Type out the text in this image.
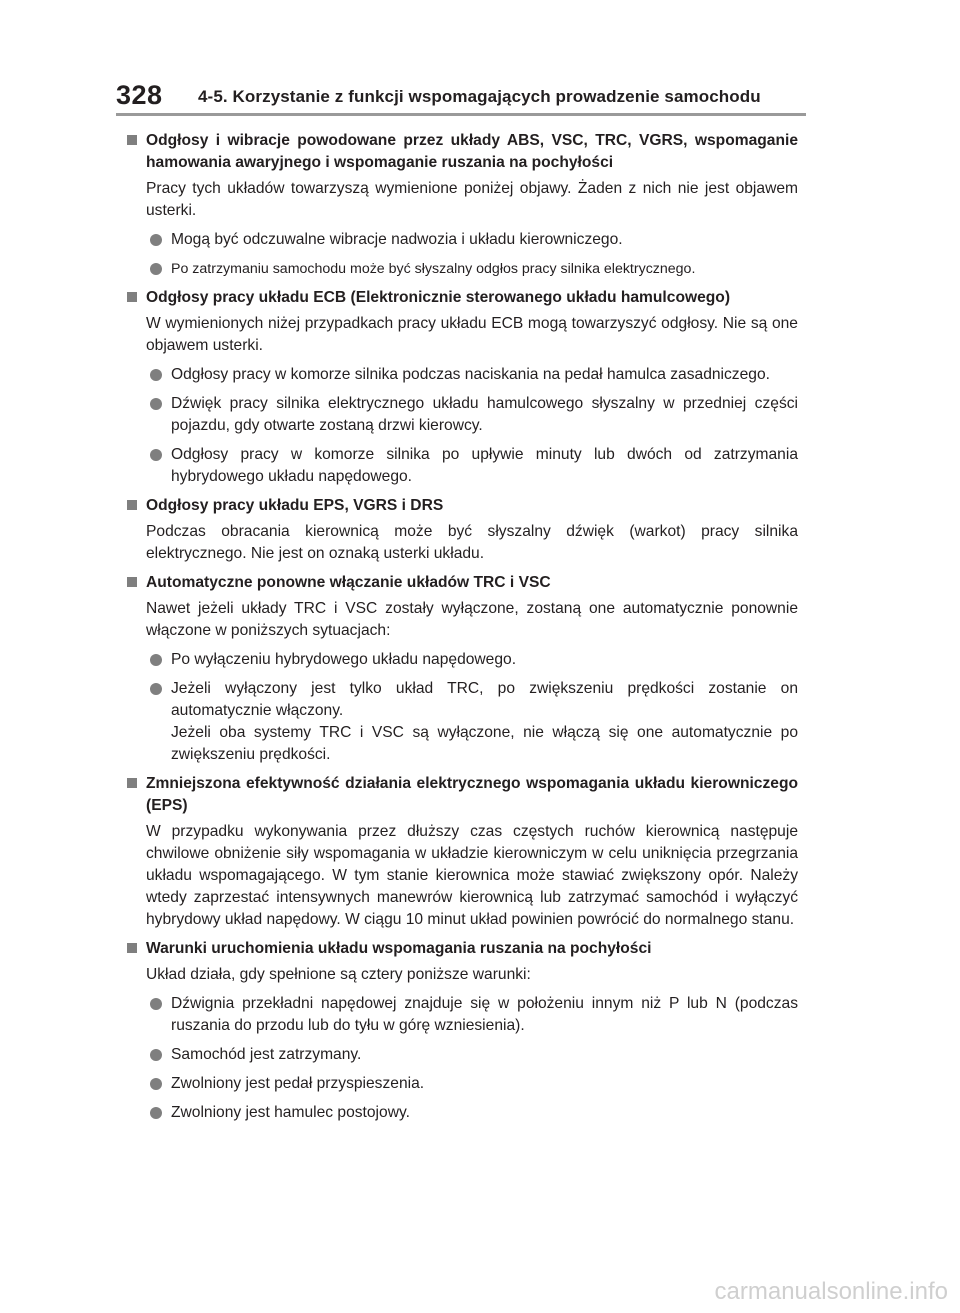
328 4-5. Korzystanie z funkcji wspomagających prowadzenie samochodu
Odgłosy i wibracje powodowane przez układy ABS, VSC, TRC, VGRS, wspomaganie hamowania awaryjnego i wspomaganie ruszania na pochyłości
Pracy tych układów towarzyszą wymienione poniżej objawy. Żaden z nich nie jest objawem usterki.
Mogą być odczuwalne wibracje nadwozia i układu kierowniczego.
Po zatrzymaniu samochodu może być słyszalny odgłos pracy silnika elektrycznego.
Odgłosy pracy układu ECB (Elektronicznie sterowanego układu hamulcowego)
W wymienionych niżej przypadkach pracy układu ECB mogą towarzyszyć odgłosy. Nie są one objawem usterki.
Odgłosy pracy w komorze silnika podczas naciskania na pedał hamulca zasadniczego.
Dźwięk pracy silnika elektrycznego układu hamulcowego słyszalny w przedniej części pojazdu, gdy otwarte zostaną drzwi kierowcy.
Odgłosy pracy w komorze silnika po upływie minuty lub dwóch od zatrzymania hybrydowego układu napędowego.
Odgłosy pracy układu EPS, VGRS i DRS
Podczas obracania kierownicą może być słyszalny dźwięk (warkot) pracy silnika elektrycznego. Nie jest on oznaką usterki układu.
Automatyczne ponowne włączanie układów TRC i VSC
Nawet jeżeli układy TRC i VSC zostały wyłączone, zostaną one automatycznie ponownie włączone w poniższych sytuacjach:
Po wyłączeniu hybrydowego układu napędowego.
Jeżeli wyłączony jest tylko układ TRC, po zwiększeniu prędkości zostanie on automatycznie włączony.
Jeżeli oba systemy TRC i VSC są wyłączone, nie włączą się one automatycznie po zwiększeniu prędkości.
Zmniejszona efektywność działania elektrycznego wspomagania układu kierowniczego (EPS)
W przypadku wykonywania przez dłuższy czas częstych ruchów kierownicą następuje chwilowe obniżenie siły wspomagania w układzie kierowniczym w celu uniknięcia przegrzania układu wspomagającego. W tym stanie kierownica może stawiać zwiększony opór. Należy wtedy zaprzestać intensywnych manewrów kierownicą lub zatrzymać samochód i wyłączyć hybrydowy układ napędowy. W ciągu 10 minut układ powinien powrócić do normalnego stanu.
Warunki uruchomienia układu wspomagania ruszania na pochyłości
Układ działa, gdy spełnione są cztery poniższe warunki:
Dźwignia przekładni napędowej znajduje się w położeniu innym niż P lub N (podczas ruszania do przodu lub do tyłu w górę wzniesienia).
Samochód jest zatrzymany.
Zwolniony jest pedał przyspieszenia.
Zwolniony jest hamulec postojowy.
carmanualsonline.info
